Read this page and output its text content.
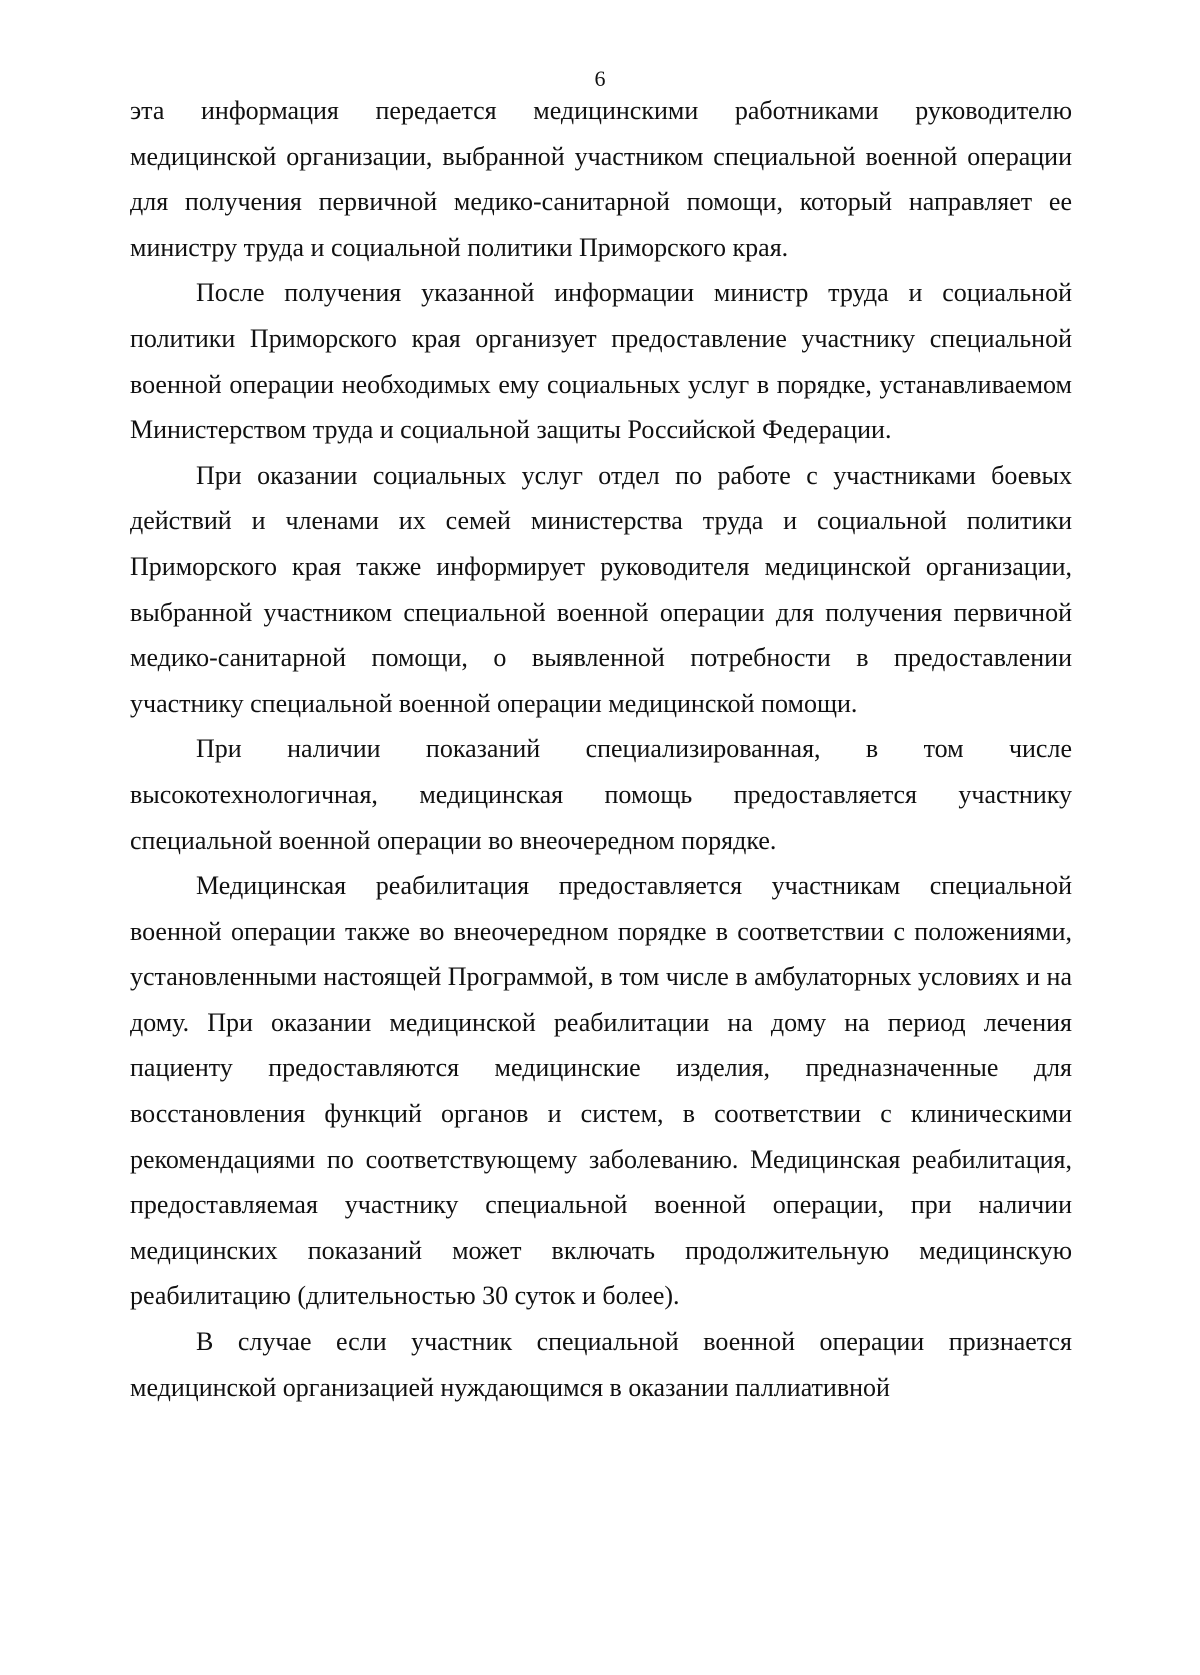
6

эта информация передается медицинскими работниками руководителю медицинской организации, выбранной участником специальной военной операции для получения первичной медико-санитарной помощи, который направляет ее министру труда и социальной политики Приморского края.

После получения указанной информации министр труда и социальной политики Приморского края организует предоставление участнику специальной военной операции необходимых ему социальных услуг в порядке, устанавливаемом Министерством труда и социальной защиты Российской Федерации.

При оказании социальных услуг отдел по работе с участниками боевых действий и членами их семей министерства труда и социальной политики Приморского края также информирует руководителя медицинской организации, выбранной участником специальной военной операции для получения первичной медико-санитарной помощи, о выявленной потребности в предоставлении участнику специальной военной операции медицинской помощи.

При наличии показаний специализированная, в том числе высокотехнологичная, медицинская помощь предоставляется участнику специальной военной операции во внеочередном порядке.

Медицинская реабилитация предоставляется участникам специальной военной операции также во внеочередном порядке в соответствии с положениями, установленными настоящей Программой, в том числе в амбулаторных условиях и на дому. При оказании медицинской реабилитации на дому на период лечения пациенту предоставляются медицинские изделия, предназначенные для восстановления функций органов и систем, в соответствии с клиническими рекомендациями по соответствующему заболеванию. Медицинская реабилитация, предоставляемая участнику специальной военной операции, при наличии медицинских показаний может включать продолжительную медицинскую реабилитацию (длительностью 30 суток и более).

В случае если участник специальной военной операции признается медицинской организацией нуждающимся в оказании паллиативной
